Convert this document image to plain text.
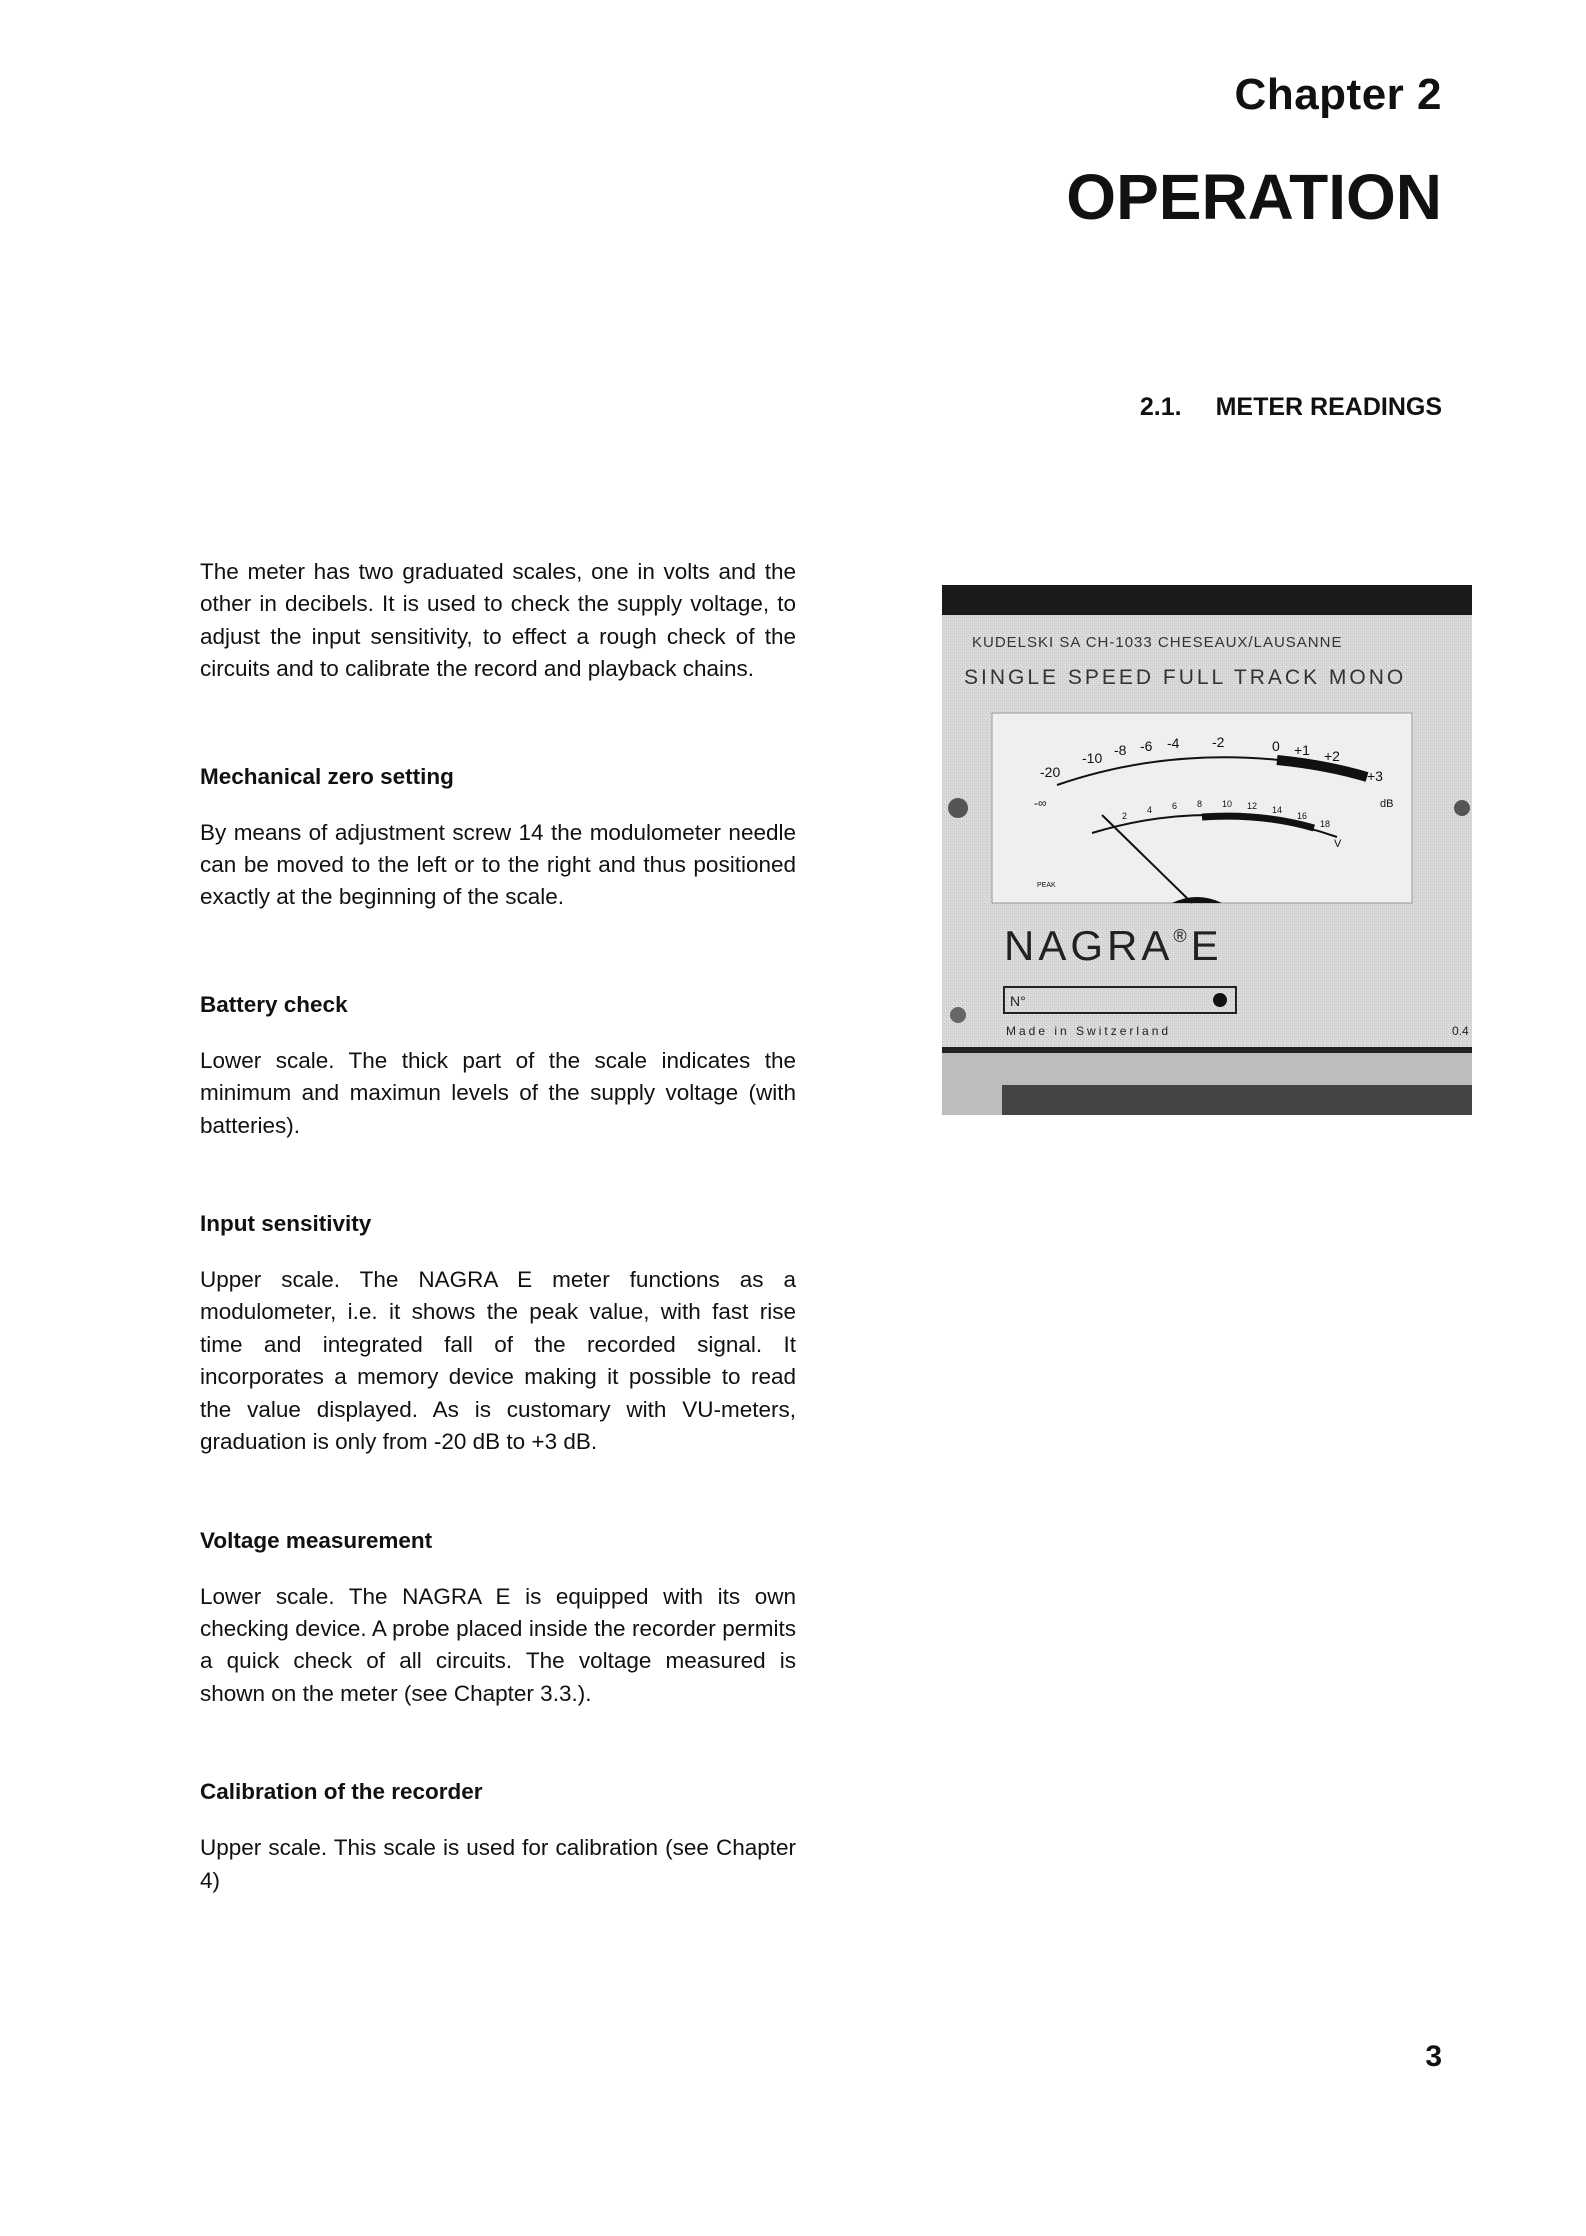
Chapter 2
OPERATION
2.1. METER READINGS

The meter has two graduated scales, one in volts and the other in decibels. It is used to check the supply voltage, to adjust the input sensitivity, to effect a rough check of the circuits and to calibrate the record and playback chains.

Mechanical zero setting

By means of adjustment screw 14 the modulometer needle can be moved to the left or to the right and thus positioned exactly at the beginning of the scale.

Battery check

Lower scale. The thick part of the scale indicates the minimum and maximun levels of the supply voltage (with batteries).

Input sensitivity

Upper scale. The NAGRA E meter functions as a modulometer, i.e. it shows the peak value, with fast rise time and integrated fall of the recorded signal. It incorporates a memory device making it possible to read the value displayed. As is customary with VU-meters, graduation is only from -20 dB to +3 dB.

Voltage measurement

Lower scale. The NAGRA E is equipped with its own checking device. A probe placed inside the recorder permits a quick check of all circuits. The voltage measured is shown on the meter (see Chapter 3.3.).

Calibration of the recorder

Upper scale. This scale is used for calibration (see Chapter 4)

KUDELSKI SA CH-1033 CHESEAUX/LAUSANNE
SINGLE SPEED FULL TRACK MONO
-20
-10 -8 -6 -4 -2	0 +1 +2
+3
dB
2
4 6 8 10 12 14
16
18
V
-∞
PEAK
NAGRA®E
N°
Made in Switzerland	0.4
3
